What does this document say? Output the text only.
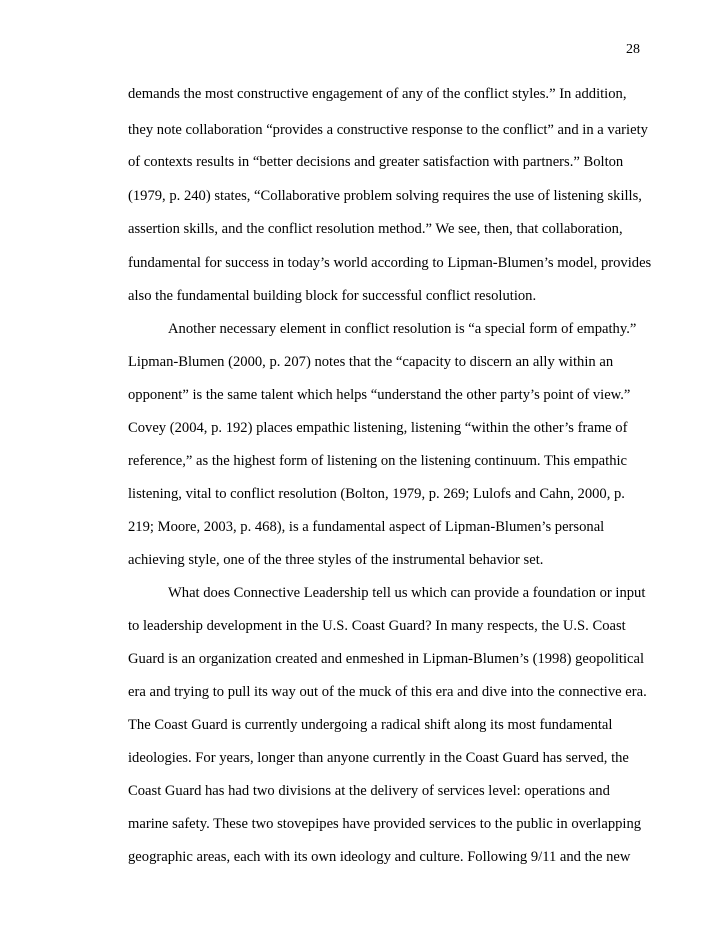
28
demands the most constructive engagement of any of the conflict styles.” In addition,
they note collaboration “provides a constructive response to the conflict” and in a variety
of contexts results in “better decisions and greater satisfaction with partners.” Bolton
(1979, p. 240) states, “Collaborative problem solving requires the use of listening skills,
assertion skills, and the conflict resolution method.” We see, then, that collaboration,
fundamental for success in today’s world according to Lipman-Blumen’s model, provides
also the fundamental building block for successful conflict resolution.
Another necessary element in conflict resolution is “a special form of empathy.”
Lipman-Blumen (2000, p. 207) notes that the “capacity to discern an ally within an
opponent” is the same talent which helps “understand the other party’s point of view.”
Covey (2004, p. 192) places empathic listening, listening “within the other’s frame of
reference,” as the highest form of listening on the listening continuum. This empathic
listening, vital to conflict resolution (Bolton, 1979, p. 269; Lulofs and Cahn, 2000, p.
219; Moore, 2003, p. 468), is a fundamental aspect of Lipman-Blumen’s personal
achieving style, one of the three styles of the instrumental behavior set.
What does Connective Leadership tell us which can provide a foundation or input
to leadership development in the U.S. Coast Guard? In many respects, the U.S. Coast
Guard is an organization created and enmeshed in Lipman-Blumen’s (1998) geopolitical
era and trying to pull its way out of the muck of this era and dive into the connective era.
The Coast Guard is currently undergoing a radical shift along its most fundamental
ideologies. For years, longer than anyone currently in the Coast Guard has served, the
Coast Guard has had two divisions at the delivery of services level: operations and
marine safety. These two stovepipes have provided services to the public in overlapping
geographic areas, each with its own ideology and culture. Following 9/11 and the new
